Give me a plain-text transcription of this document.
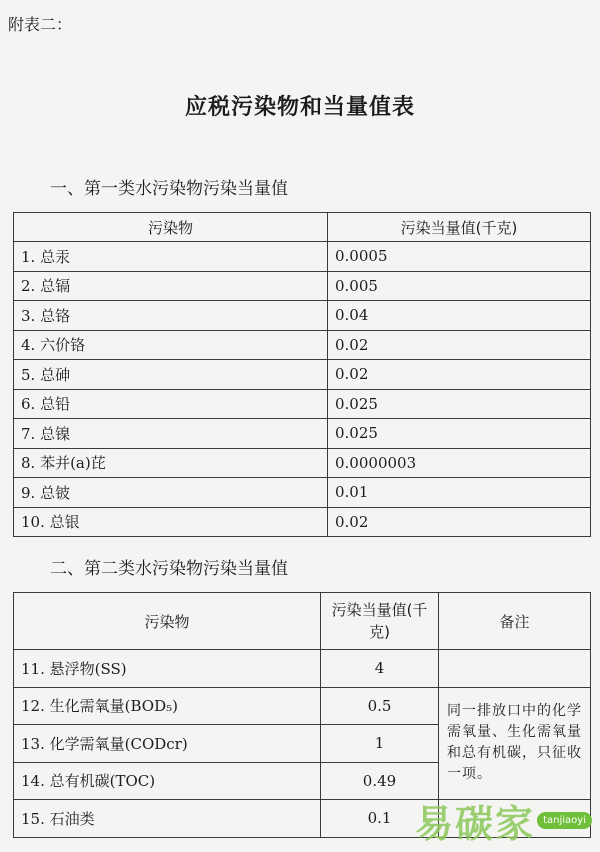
附表二：
应税污染物和当量值表
一、第一类水污染物污染当量值
污染物	污染当量值(千克)
1. 总汞	0.0005
2. 总镉	0.005
3. 总铬	0.04
4. 六价铬	0.02
5. 总砷	0.02
6. 总铅	0.025
7. 总镍	0.025
8. 苯并(a)芘	0.0000003
9. 总铍	0.01
10. 总银	0.02
二、第二类水污染物污染当量值
污染物	污染当量值(千克)	备注
11. 悬浮物(SS)	4	
12. 生化需氧量(BOD₅)	0.5	同一排放口中的化学需氧量、生化需氧量和总有机碳，只征收一项。
13. 化学需氧量(CODcr)	1	
14. 总有机碳(TOC)	0.49	
15. 石油类	0.1	易碳家 tanjiaoyi
